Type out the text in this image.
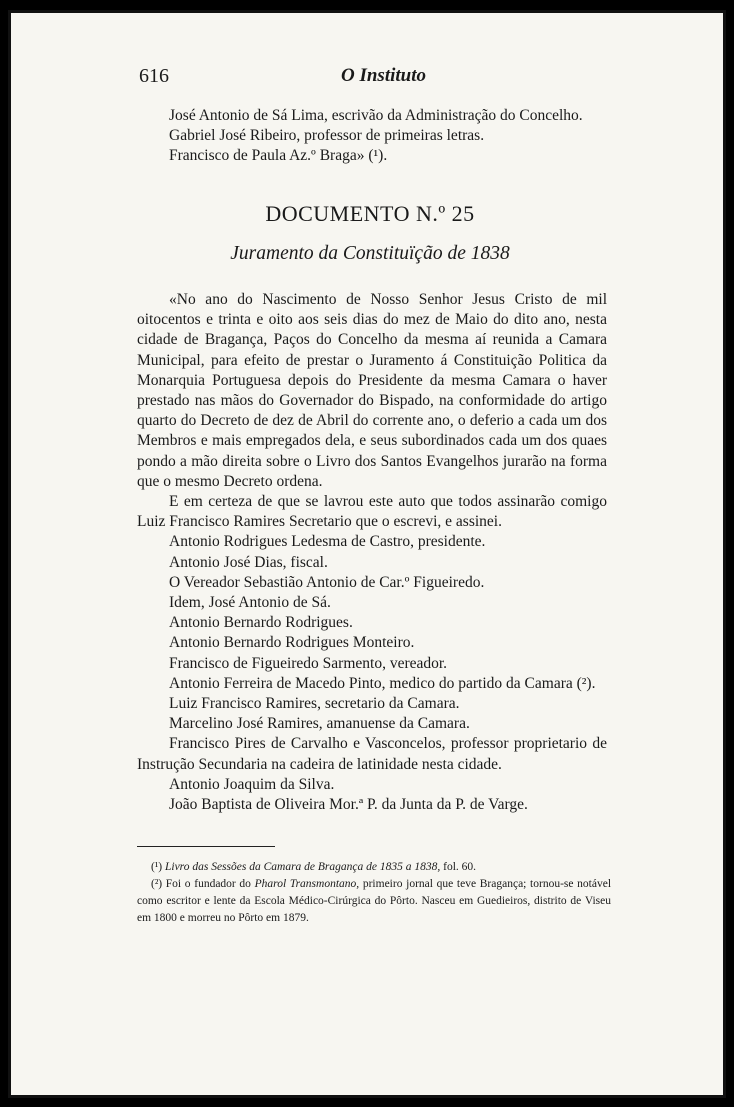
616	O Instituto
José Antonio de Sá Lima, escrivão da Administração do Concelho.
Gabriel José Ribeiro, professor de primeiras letras.
Francisco de Paula Az.º Braga» (¹).
DOCUMENTO N.º 25
Juramento da Constituïção de 1838

«No ano do Nascimento de Nosso Senhor Jesus Cristo de mil oitocentos e trinta e oito aos seis dias do mez de Maio do dito ano, nesta cidade de Bragança, Paços do Concelho da mesma aí reunida a Camara Municipal, para efeito de prestar o Juramento á Constituição Politica da Monarquia Portuguesa depois do Presidente da mesma Camara o haver prestado nas mãos do Governador do Bispado, na conformidade do artigo quarto do Decreto de dez de Abril do corrente ano, o deferio a cada um dos Membros e mais empregados dela, e seus subordinados cada um dos quaes pondo a mão direita sobre o Livro dos Santos Evangelhos jurarão na forma que o mesmo Decreto ordena.

E em certeza de que se lavrou este auto que todos assinarão comigo Luiz Francisco Ramires Secretario que o escrevi, e assinei.

Antonio Rodrigues Ledesma de Castro, presidente.
Antonio José Dias, fiscal.
O Vereador Sebastião Antonio de Car.º Figueiredo.
Idem, José Antonio de Sá.
Antonio Bernardo Rodrigues.
Antonio Bernardo Rodrigues Monteiro.
Francisco de Figueiredo Sarmento, vereador.

Antonio Ferreira de Macedo Pinto, medico do partido da Camara (²).

Luiz Francisco Ramires, secretario da Camara.
Marcelino José Ramires, amanuense da Camara.

Francisco Pires de Carvalho e Vasconcelos, professor proprietario de Instrução Secundaria na cadeira de latinidade nesta cidade.

Antonio Joaquim da Silva.
João Baptista de Oliveira Mor.ª P. da Junta da P. de Varge.

(¹) Livro das Sessões da Camara de Bragança de 1835 a 1838, fol. 60.

(²) Foi o fundador do Pharol Transmontano, primeiro jornal que teve Bragança; tornou-se notável como escritor e lente da Escola Médico-Cirúrgica do Pôrto. Nasceu em Guedieiros, distrito de Viseu em 1800 e morreu no Pôrto em 1879.
